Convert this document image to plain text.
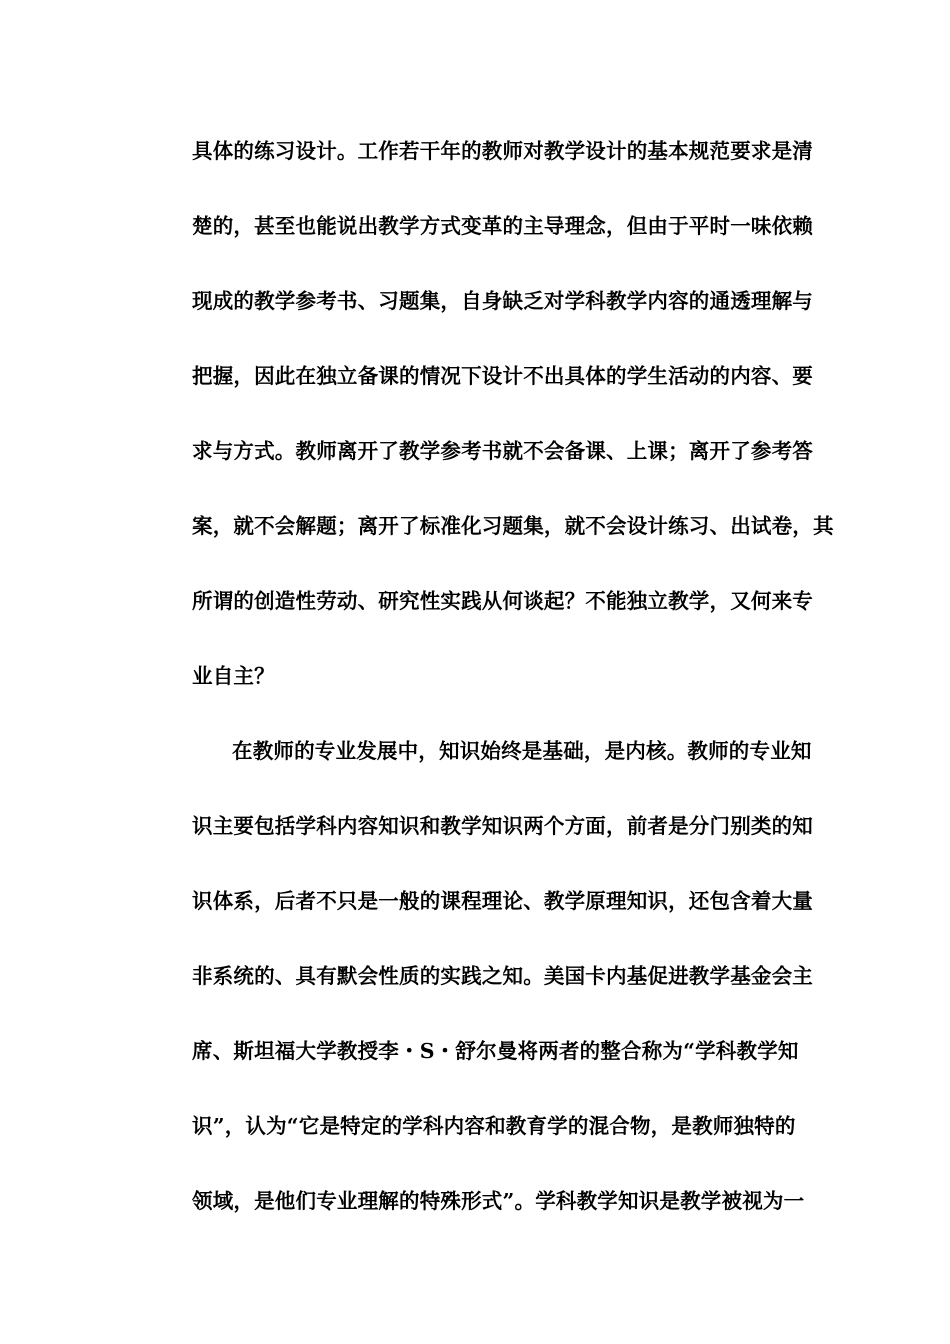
具体的练习设计。工作若干年的教师对教学设计的基本规范要求是清
楚的，甚至也能说出教学方式变革的主导理念，但由于平时一味依赖
现成的教学参考书、习题集，自身缺乏对学科教学内容的通透理解与
把握，因此在独立备课的情况下设计不出具体的学生活动的内容、要
求与方式。教师离开了教学参考书就不会备课、上课；离开了参考答
案，就不会解题；离开了标准化习题集，就不会设计练习、出试卷，其
所谓的创造性劳动、研究性实践从何谈起？不能独立教学，又何来专
业自主？
在教师的专业发展中，知识始终是基础，是内核。教师的专业知
识主要包括学科内容知识和教学知识两个方面，前者是分门别类的知
识体系，后者不只是一般的课程理论、教学原理知识，还包含着大量
非系统的、具有默会性质的实践之知。美国卡内基促进教学基金会主
席、斯坦福大学教授李・S・舒尔曼将两者的整合称为“学科教学知
识”，认为“它是特定的学科内容和教育学的混合物，是教师独特的
领域，是他们专业理解的特殊形式”。学科教学知识是教学被视为一
